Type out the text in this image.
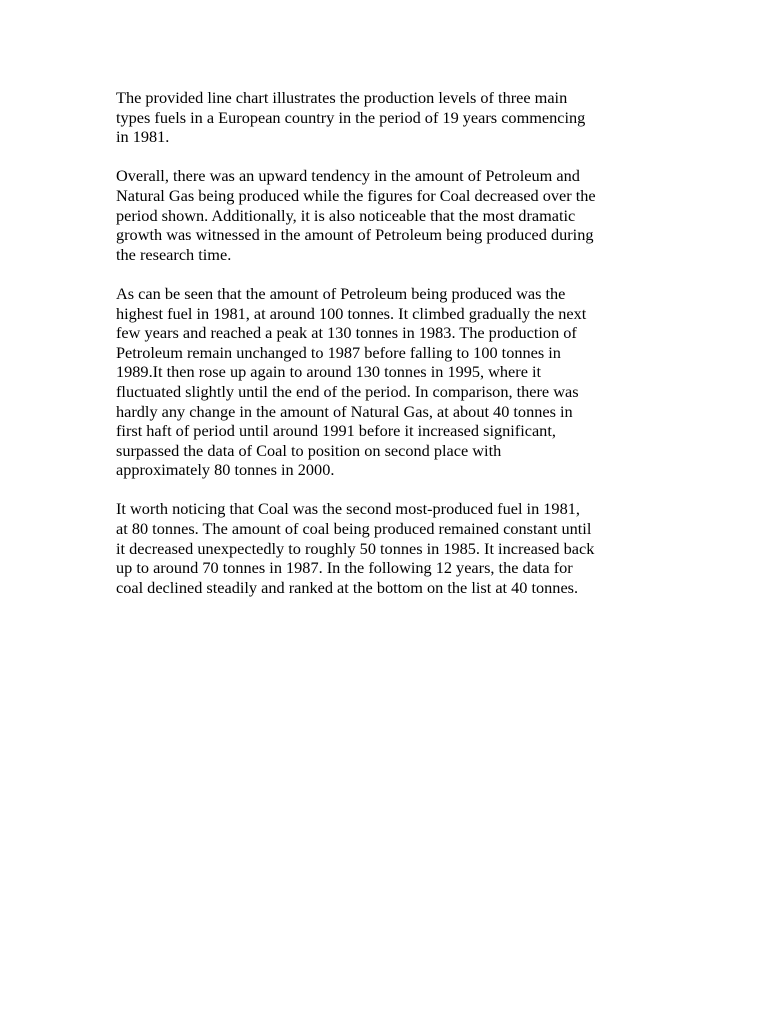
The provided line chart illustrates the production levels of three main
types fuels in a European country in the period of 19 years commencing
in 1981.

Overall, there was an upward tendency in the amount of Petroleum and
Natural Gas being produced while the figures for Coal decreased over the
period shown. Additionally, it is also noticeable that the most dramatic
growth was witnessed in the amount of Petroleum being produced during
the research time.

As can be seen that the amount of Petroleum being produced was the
highest fuel in 1981, at around 100 tonnes. It climbed gradually the next
few years and reached a peak at 130 tonnes in 1983. The production of
Petroleum remain unchanged to 1987 before falling to 100 tonnes in
1989.It then rose up again to around 130 tonnes in 1995, where it
fluctuated slightly until the end of the period. In comparison, there was
hardly any change in the amount of Natural Gas, at about 40 tonnes in
first haft of period until around 1991 before it increased significant,
surpassed the data of Coal to position on second place with
approximately 80 tonnes in 2000.

It worth noticing that Coal was the second most-produced fuel in 1981,
at 80 tonnes. The amount of coal being produced remained constant until
it decreased unexpectedly to roughly 50 tonnes in 1985. It increased back
up to around 70 tonnes in 1987. In the following 12 years, the data for
coal declined steadily and ranked at the bottom on the list at 40 tonnes.
